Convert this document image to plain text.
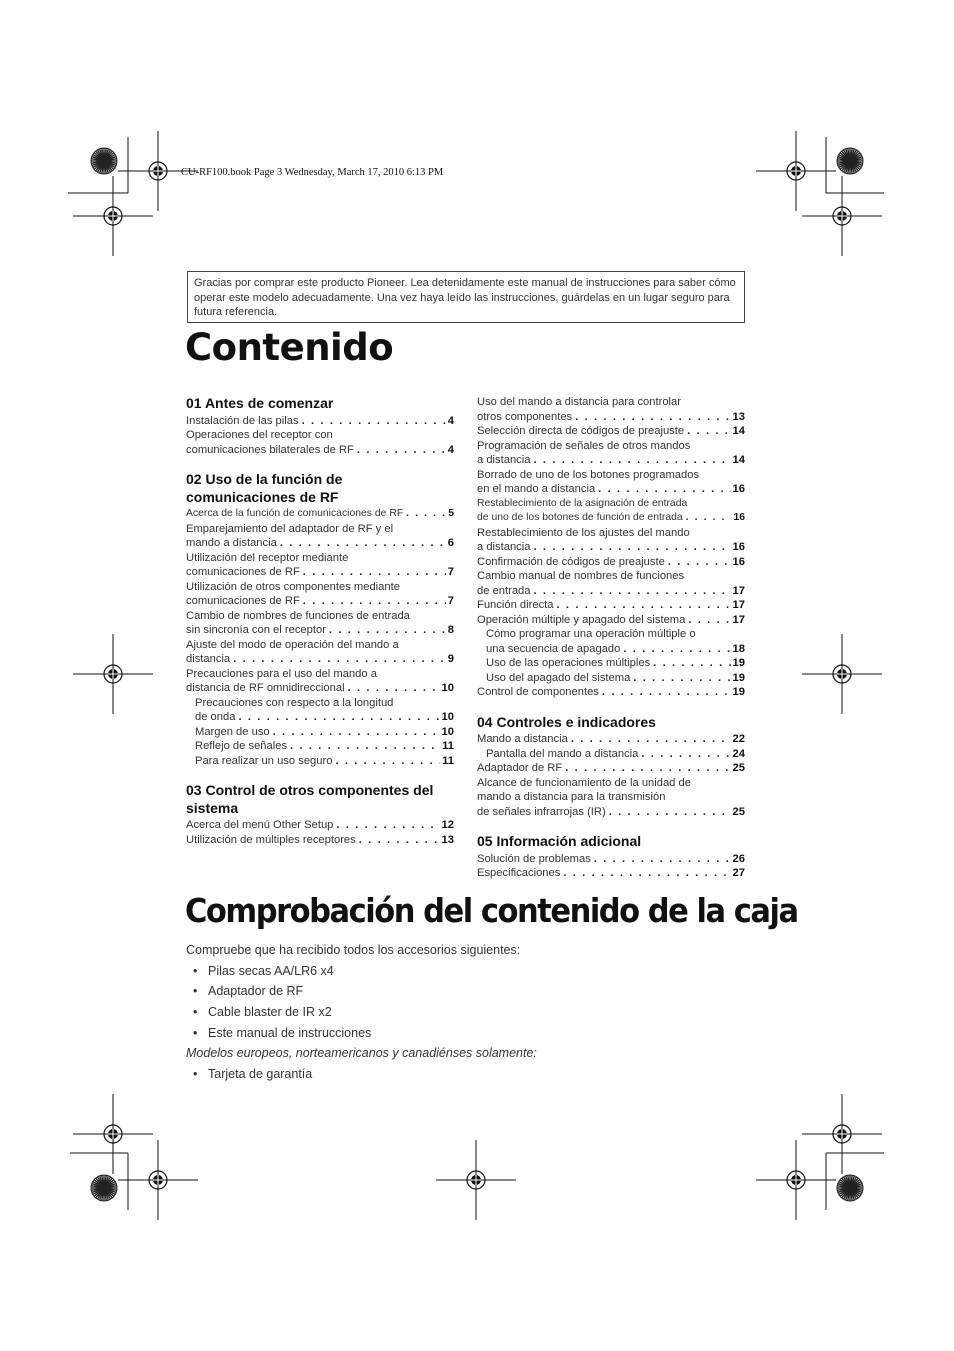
CU-RF100.book Page 3 Wednesday, March 17, 2010 6:13 PM
Gracias por comprar este producto Pioneer. Lea detenidamente este manual de instrucciones para saber cómo operar este modelo adecuadamente. Una vez haya leído las instrucciones, guárdelas en un lugar seguro para futura referencia.
Contenido
01 Antes de comenzar
Instalación de las pilas . . .	4
Operaciones del receptor con
comunicaciones bilaterales de RF . . .	4
02 Uso de la función de comunicaciones de RF
Acerca de la función de comunicaciones de RF . . .	5
Emparejamiento del adaptador de RF y el
mando a distancia . . .	6
Utilización del receptor mediante
comunicaciones de RF . . .	7
Utilización de otros componentes mediante
comunicaciones de RF . . .	7
Cambio de nombres de funciones de entrada
sin sincronía con el receptor . . .	8
Ajuste del modo de operación del mando a
distancia . . .	9
Precauciones para el uso del mando a
distancia de RF omnidireccional . . .	10
Precauciones con respecto a la longitud
de onda . . .	10
Margen de uso . . .	10
Reflejo de señales . . .	11
Para realizar un uso seguro . . .	11
03 Control de otros componentes del sistema
Acerca del menú Other Setup . . .	12
Utilización de múltiples receptores . . .	13
Uso del mando a distancia para controlar
otros componentes . . .	13
Selección directa de códigos de preajuste . . .	14
Programación de señales de otros mandos
a distancia . . .	14
Borrado de uno de los botones programados
en el mando a distancia . . .	16
Restablecimiento de la asignación de entrada
de uno de los botones de función de entrada . . .	16
Restablecimiento de los ajustes del mando
a distancia . . .	16
Confirmación de códigos de preajuste . . .	16
Cambio manual de nombres de funciones
de entrada . . .	17
Función directa . . .	17
Operación múltiple y apagado del sistema . . .	17
Cómo programar una operación múltiple o
una secuencia de apagado . . .	18
Uso de las operaciones múltiples . . .	19
Uso del apagado del sistema . . .	19
Control de componentes . . .	19
04 Controles e indicadores
Mando a distancia . . .	22
Pantalla del mando a distancia . . .	24
Adaptador de RF . . .	25
Alcance de funcionamiento de la unidad de
mando a distancia para la transmisión
de señales infrarrojas (IR) . . .	25
05 Información adicional
Solución de problemas . . .	26
Especificaciones . . .	27
Comprobación del contenido de la caja
Compruebe que ha recibido todos los accesorios siguientes:
• Pilas secas AA/LR6 x4
• Adaptador de RF
• Cable blaster de IR x2
• Este manual de instrucciones
Modelos europeos, norteamericanos y canadiénses solamente:
• Tarjeta de garantía
